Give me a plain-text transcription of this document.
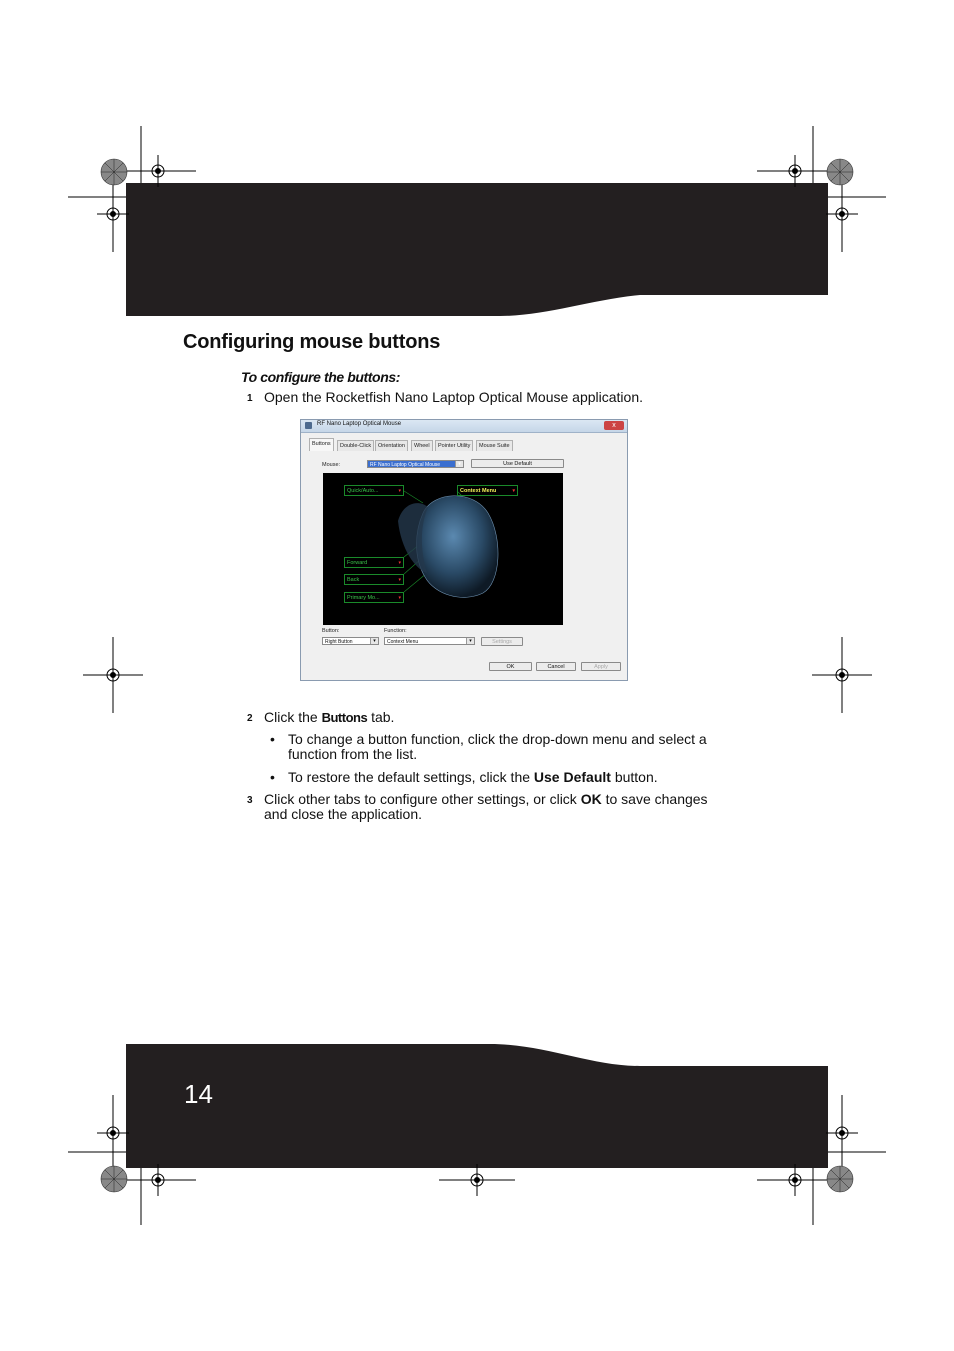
Configuring mouse buttons
To configure the buttons:
1 Open the Rocketfish Nano Laptop Optical Mouse application.
RF Nano Laptop Optical Mouse	x
Buttons	Double-Click	Orientation	Wheel	Pointer Utility	Mouse Suite
Mouse:	RF Nano Laptop Optical Mouse	▾	Use Default
Quick/Auto...	▾	Context Menu	▾
Forward	▾
Back	▾
Primary Mo...	▾
Button:
Right Button	▾
Function:
Context Menu	▾	Settings
OK	Cancel	Apply
2 Click the Buttons tab.
• To change a button function, click the drop-down menu and select a
function from the list.
• To restore the default settings, click the Use Default button.
3 Click other tabs to configure other settings, or click OK to save changes
and close the application.
14
